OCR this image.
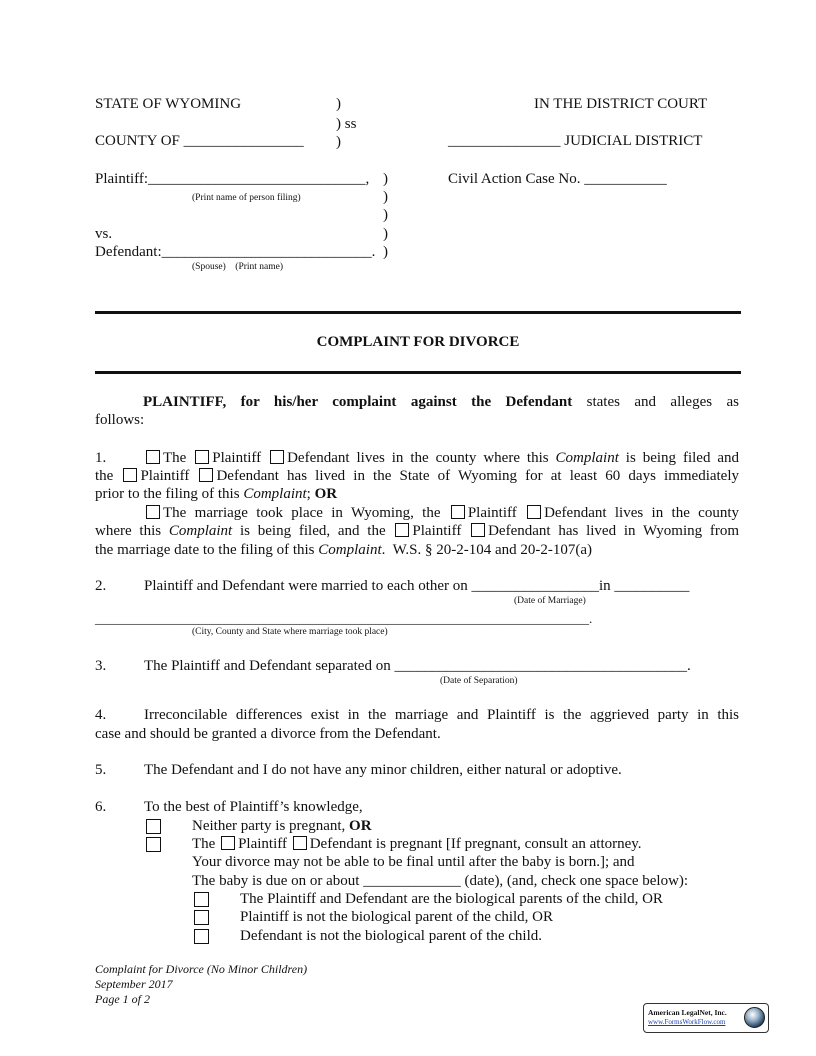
STATE OF WYOMING	)
) ss
)
IN THE DISTRICT COURT
COUNTY OF ________________	_______________ JUDICIAL DISTRICT
Plaintiff:_____________________________, )
(Print name of person filing)
Civil Action Case No. ___________
)
)
vs.	)
Defendant:____________________________. )
(Spouse)    (Print name)
COMPLAINT FOR DIVORCE
PLAINTIFF, for his/her complaint against the Defendant states and alleges as
follows:
1.	The Plaintiff Defendant lives in the county where this Complaint is being filed and
the Plaintiff Defendant has lived in the State of Wyoming for at least 60 days immediately
prior to the filing of this Complaint; OR
The marriage took place in Wyoming, the Plaintiff Defendant lives in the county
where this Complaint is being filed, and the Plaintiff Defendant has lived in Wyoming from
the marriage date to the filing of this Complaint.  W.S. § 20-2-104 and 20-2-107(a)
2.	Plaintiff and Defendant were married to each other on _________________in __________
(Date of Marriage)
____________________________________________________________________________.
(City, County and State where marriage took place)
3.	The Plaintiff and Defendant separated on _______________________________________.
(Date of Separation)
4.	Irreconcilable differences exist in the marriage and Plaintiff is the aggrieved party in this
case and should be granted a divorce from the Defendant.
5.	The Defendant and I do not have any minor children, either natural or adoptive.
6.	To the best of Plaintiff’s knowledge,
Neither party is pregnant, OR
The Plaintiff Defendant is pregnant [If pregnant, consult an attorney.
Your divorce may not be able to be final until after the baby is born.]; and
The baby is due on or about _____________ (date), (and, check one space below):
The Plaintiff and Defendant are the biological parents of the child, OR
Plaintiff is not the biological parent of the child, OR
Defendant is not the biological parent of the child.
Complaint for Divorce (No Minor Children)
September 2017
Page 1 of 2
American LegalNet, Inc.
www.FormsWorkFlow.com
